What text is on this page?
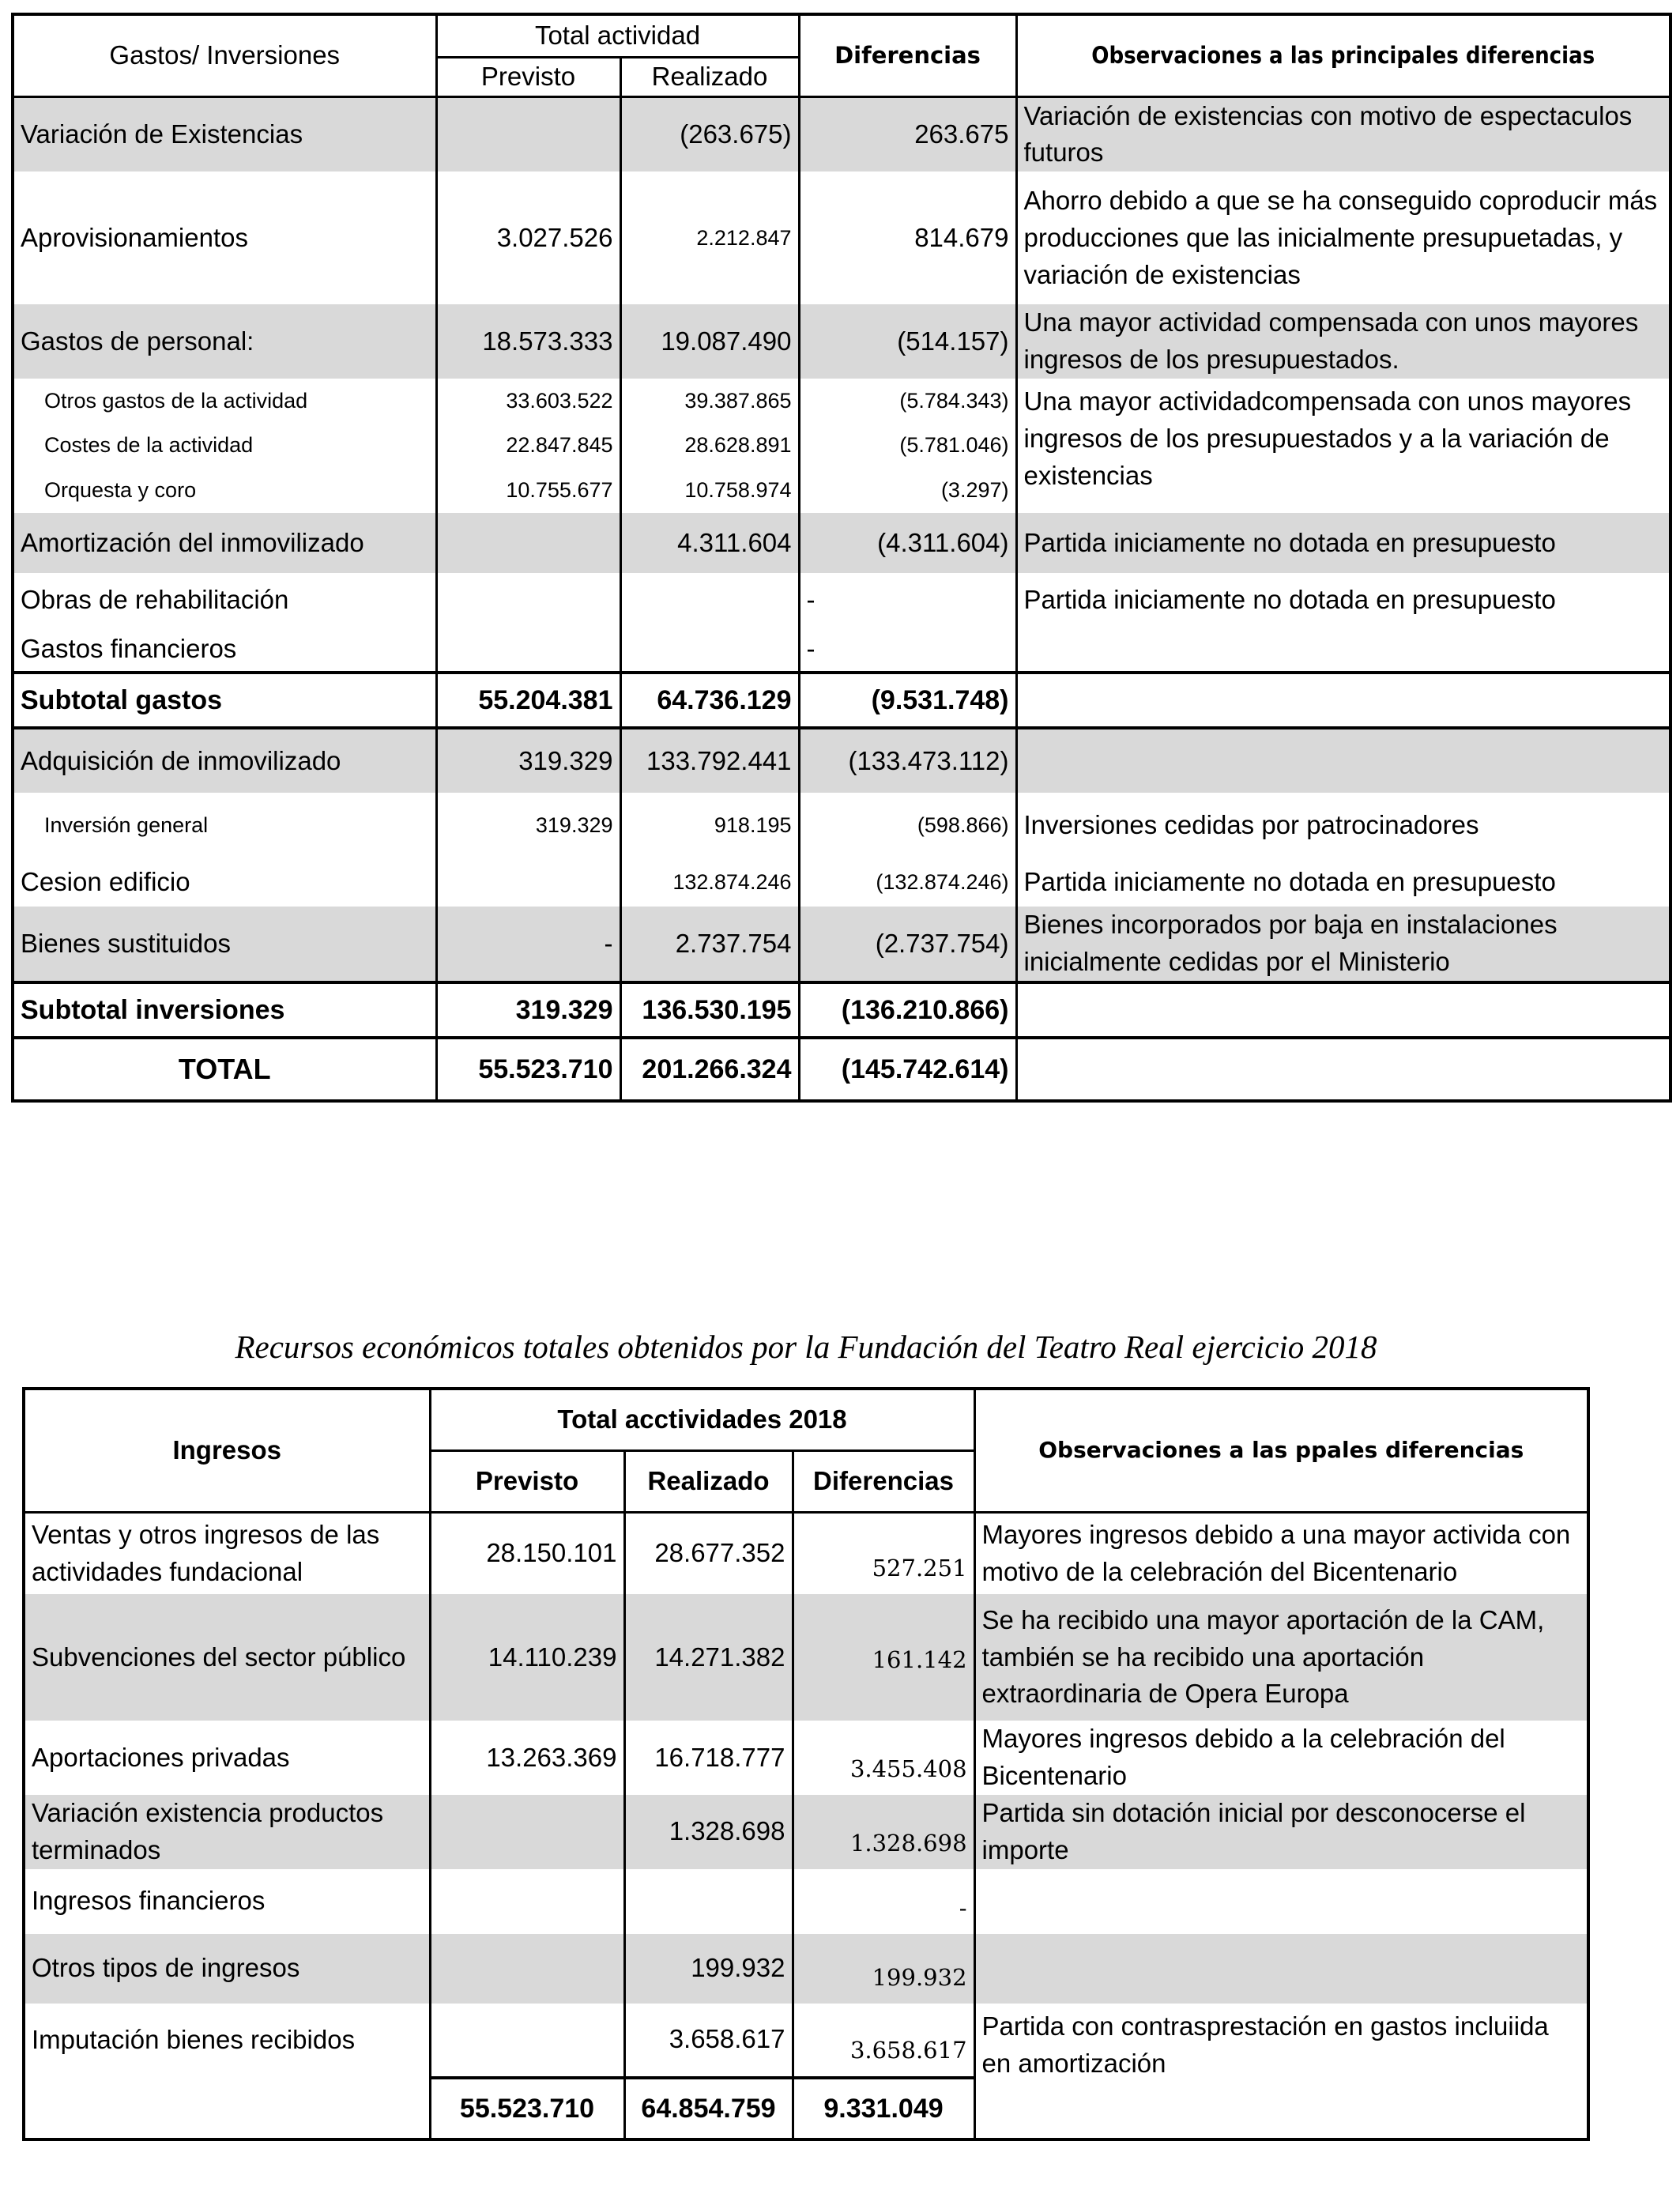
Gastos/ Inversiones	Total actividad		Diferencias	Observaciones a las principales diferencias
	Previsto	Realizado		
Variación de Existencias		(263.675)	263.675	Variación de existencias con motivo de espectaculos futuros
Aprovisionamientos	3.027.526	2.212.847	814.679	Ahorro debido a que se ha conseguido coproducir más producciones que las inicialmente presupuetadas, y variación de existencias
Gastos de personal:	18.573.333	19.087.490	(514.157)	Una mayor actividad compensada con unos mayores ingresos de los presupuestados.
Otros gastos de la actividad	33.603.522	39.387.865	(5.784.343)	Una mayor actividadcompensada con unos mayores ingresos de los presupuestados y a la variación de existencias
Costes de la actividad	22.847.845	28.628.891	(5.781.046)	
Orquesta y coro	10.755.677	10.758.974	(3.297)	
Amortización del inmovilizado		4.311.604	(4.311.604)	Partida iniciamente no dotada en presupuesto
Obras de rehabilitación			-	Partida iniciamente no dotada en presupuesto
Gastos financieros			-	
Subtotal gastos	55.204.381	64.736.129	(9.531.748)	
Adquisición de inmovilizado	319.329	133.792.441	(133.473.112)	
Inversión general	319.329	918.195	(598.866)	Inversiones cedidas por patrocinadores
Cesion edificio		132.874.246	(132.874.246)	Partida iniciamente no dotada en presupuesto
Bienes sustituidos	-	2.737.754	(2.737.754)	Bienes incorporados por baja en instalaciones inicialmente cedidas por el Ministerio
Subtotal inversiones	319.329	136.530.195	(136.210.866)	
TOTAL	55.523.710	201.266.324	(145.742.614)	
Recursos económicos totales obtenidos por la Fundación del Teatro Real ejercicio 2018
Ingresos	Total acctividades 2018			Observaciones a las ppales diferencias
	Previsto	Realizado	Diferencias	
Ventas y otros ingresos de las actividades fundacional	28.150.101	28.677.352	527.251	Mayores ingresos debido a una mayor activida con motivo de la celebración del Bicentenario
Subvenciones del sector público	14.110.239	14.271.382	161.142	Se ha recibido una mayor aportación de la CAM, también se ha recibido una aportación extraordinaria de Opera Europa
Aportaciones privadas	13.263.369	16.718.777	3.455.408	Mayores ingresos debido a la celebración del Bicentenario
Variación existencia productos terminados		1.328.698	1.328.698	Partida sin dotación inicial por desconocerse el importe
Ingresos financieros			-	
Otros tipos de ingresos		199.932	199.932	
Imputación bienes recibidos		3.658.617	3.658.617	Partida con contrasprestación en gastos incluiida en amortización
	55.523.710	64.854.759	9.331.049	
